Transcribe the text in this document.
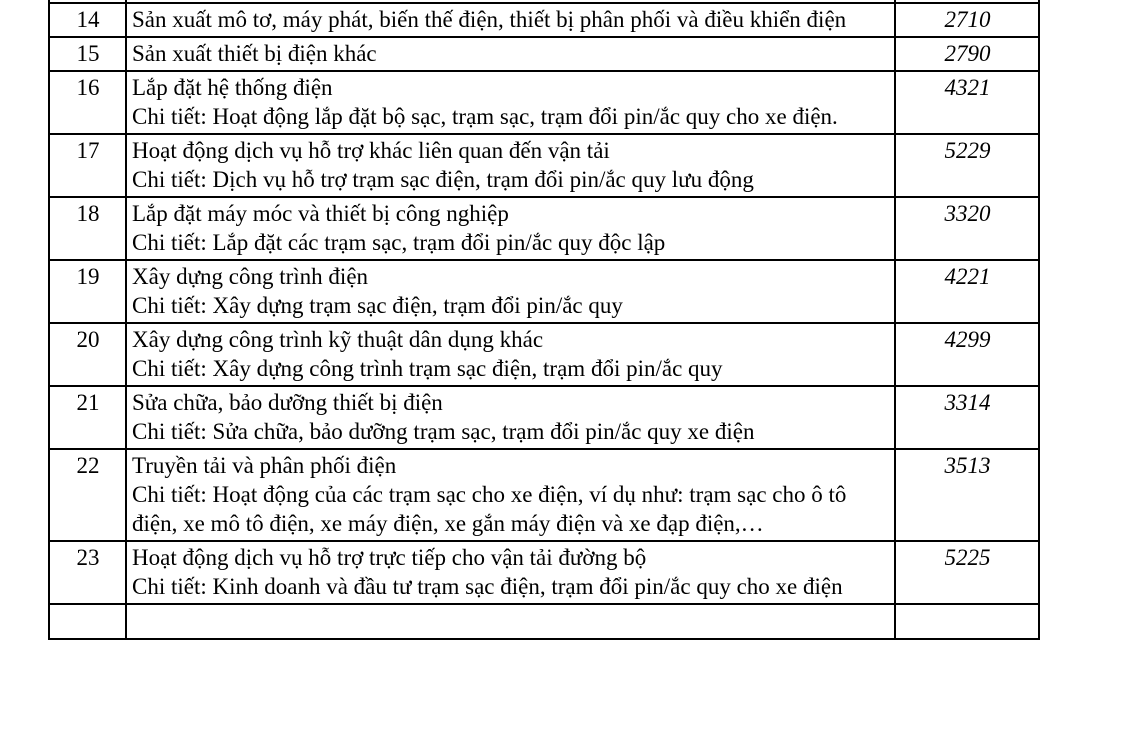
14	Sản xuất mô tơ, máy phát, biến thế điện, thiết bị phân phối và điều khiển điện	2710
15	Sản xuất thiết bị điện khác	2790
16	Lắp đặt hệ thống điện
Chi tiết: Hoạt động lắp đặt bộ sạc, trạm sạc, trạm đổi pin/ắc quy cho xe điện.	4321
17	Hoạt động dịch vụ hỗ trợ khác liên quan đến vận tải
Chi tiết: Dịch vụ hỗ trợ trạm sạc điện, trạm đổi pin/ắc quy lưu động	5229
18	Lắp đặt máy móc và thiết bị công nghiệp
Chi tiết: Lắp đặt các trạm sạc, trạm đổi pin/ắc quy độc lập	3320
19	Xây dựng công trình điện
Chi tiết: Xây dựng trạm sạc điện, trạm đổi pin/ắc quy	4221
20	Xây dựng công trình kỹ thuật dân dụng khác
Chi tiết: Xây dựng công trình trạm sạc điện, trạm đổi pin/ắc quy	4299
21	Sửa chữa, bảo dưỡng thiết bị điện
Chi tiết: Sửa chữa, bảo dưỡng trạm sạc, trạm đổi pin/ắc quy xe điện	3314
22	Truyền tải và phân phối điện
Chi tiết: Hoạt động của các trạm sạc cho xe điện, ví dụ như: trạm sạc cho ô tô điện, xe mô tô điện, xe máy điện, xe gắn máy điện và xe đạp điện,…	3513
23	Hoạt động dịch vụ hỗ trợ trực tiếp cho vận tải đường bộ
Chi tiết: Kinh doanh và đầu tư trạm sạc điện, trạm đổi pin/ắc quy cho xe điện	5225
